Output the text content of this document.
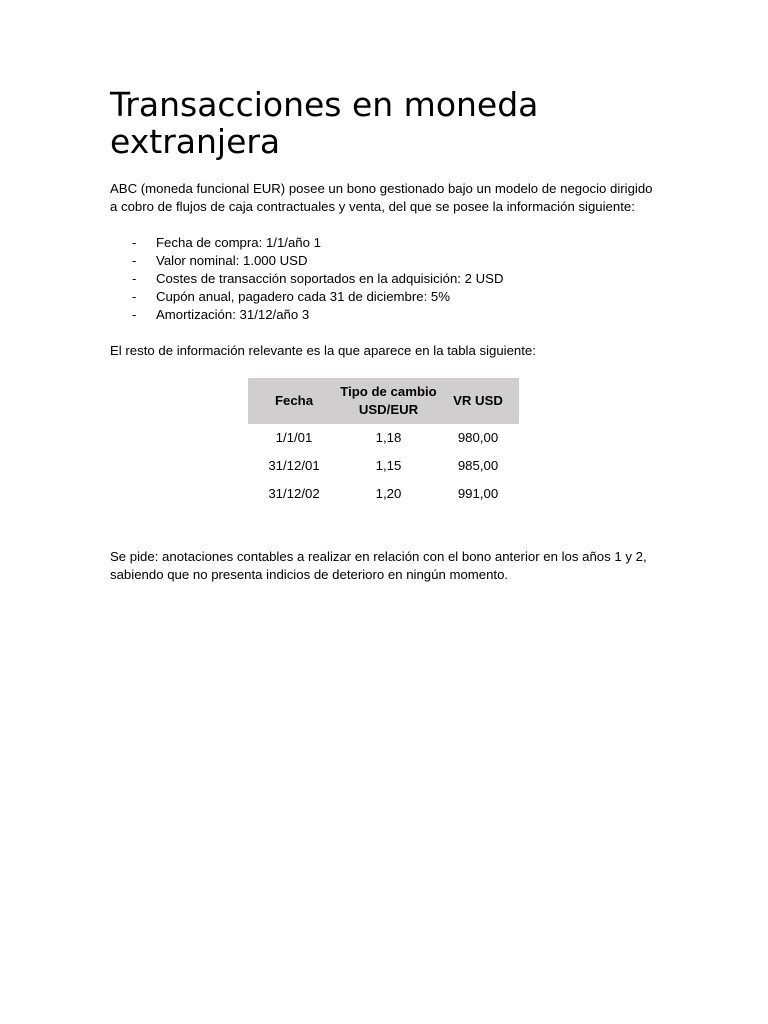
Transacciones en moneda extranjera

ABC (moneda funcional EUR) posee un bono gestionado bajo un modelo de negocio dirigido a cobro de flujos de caja contractuales y venta, del que se posee la información siguiente:

- Fecha de compra: 1/1/año 1
- Valor nominal: 1.000 USD
- Costes de transacción soportados en la adquisición: 2 USD
- Cupón anual, pagadero cada 31 de diciembre: 5%
- Amortización: 31/12/año 3

El resto de información relevante es la que aparece en la tabla siguiente:

Fecha	Tipo de cambio USD/EUR	VR USD
1/1/01	1,18	980,00
31/12/01	1,15	985,00
31/12/02	1,20	991,00

Se pide: anotaciones contables a realizar en relación con el bono anterior en los años 1 y 2, sabiendo que no presenta indicios de deterioro en ningún momento.
